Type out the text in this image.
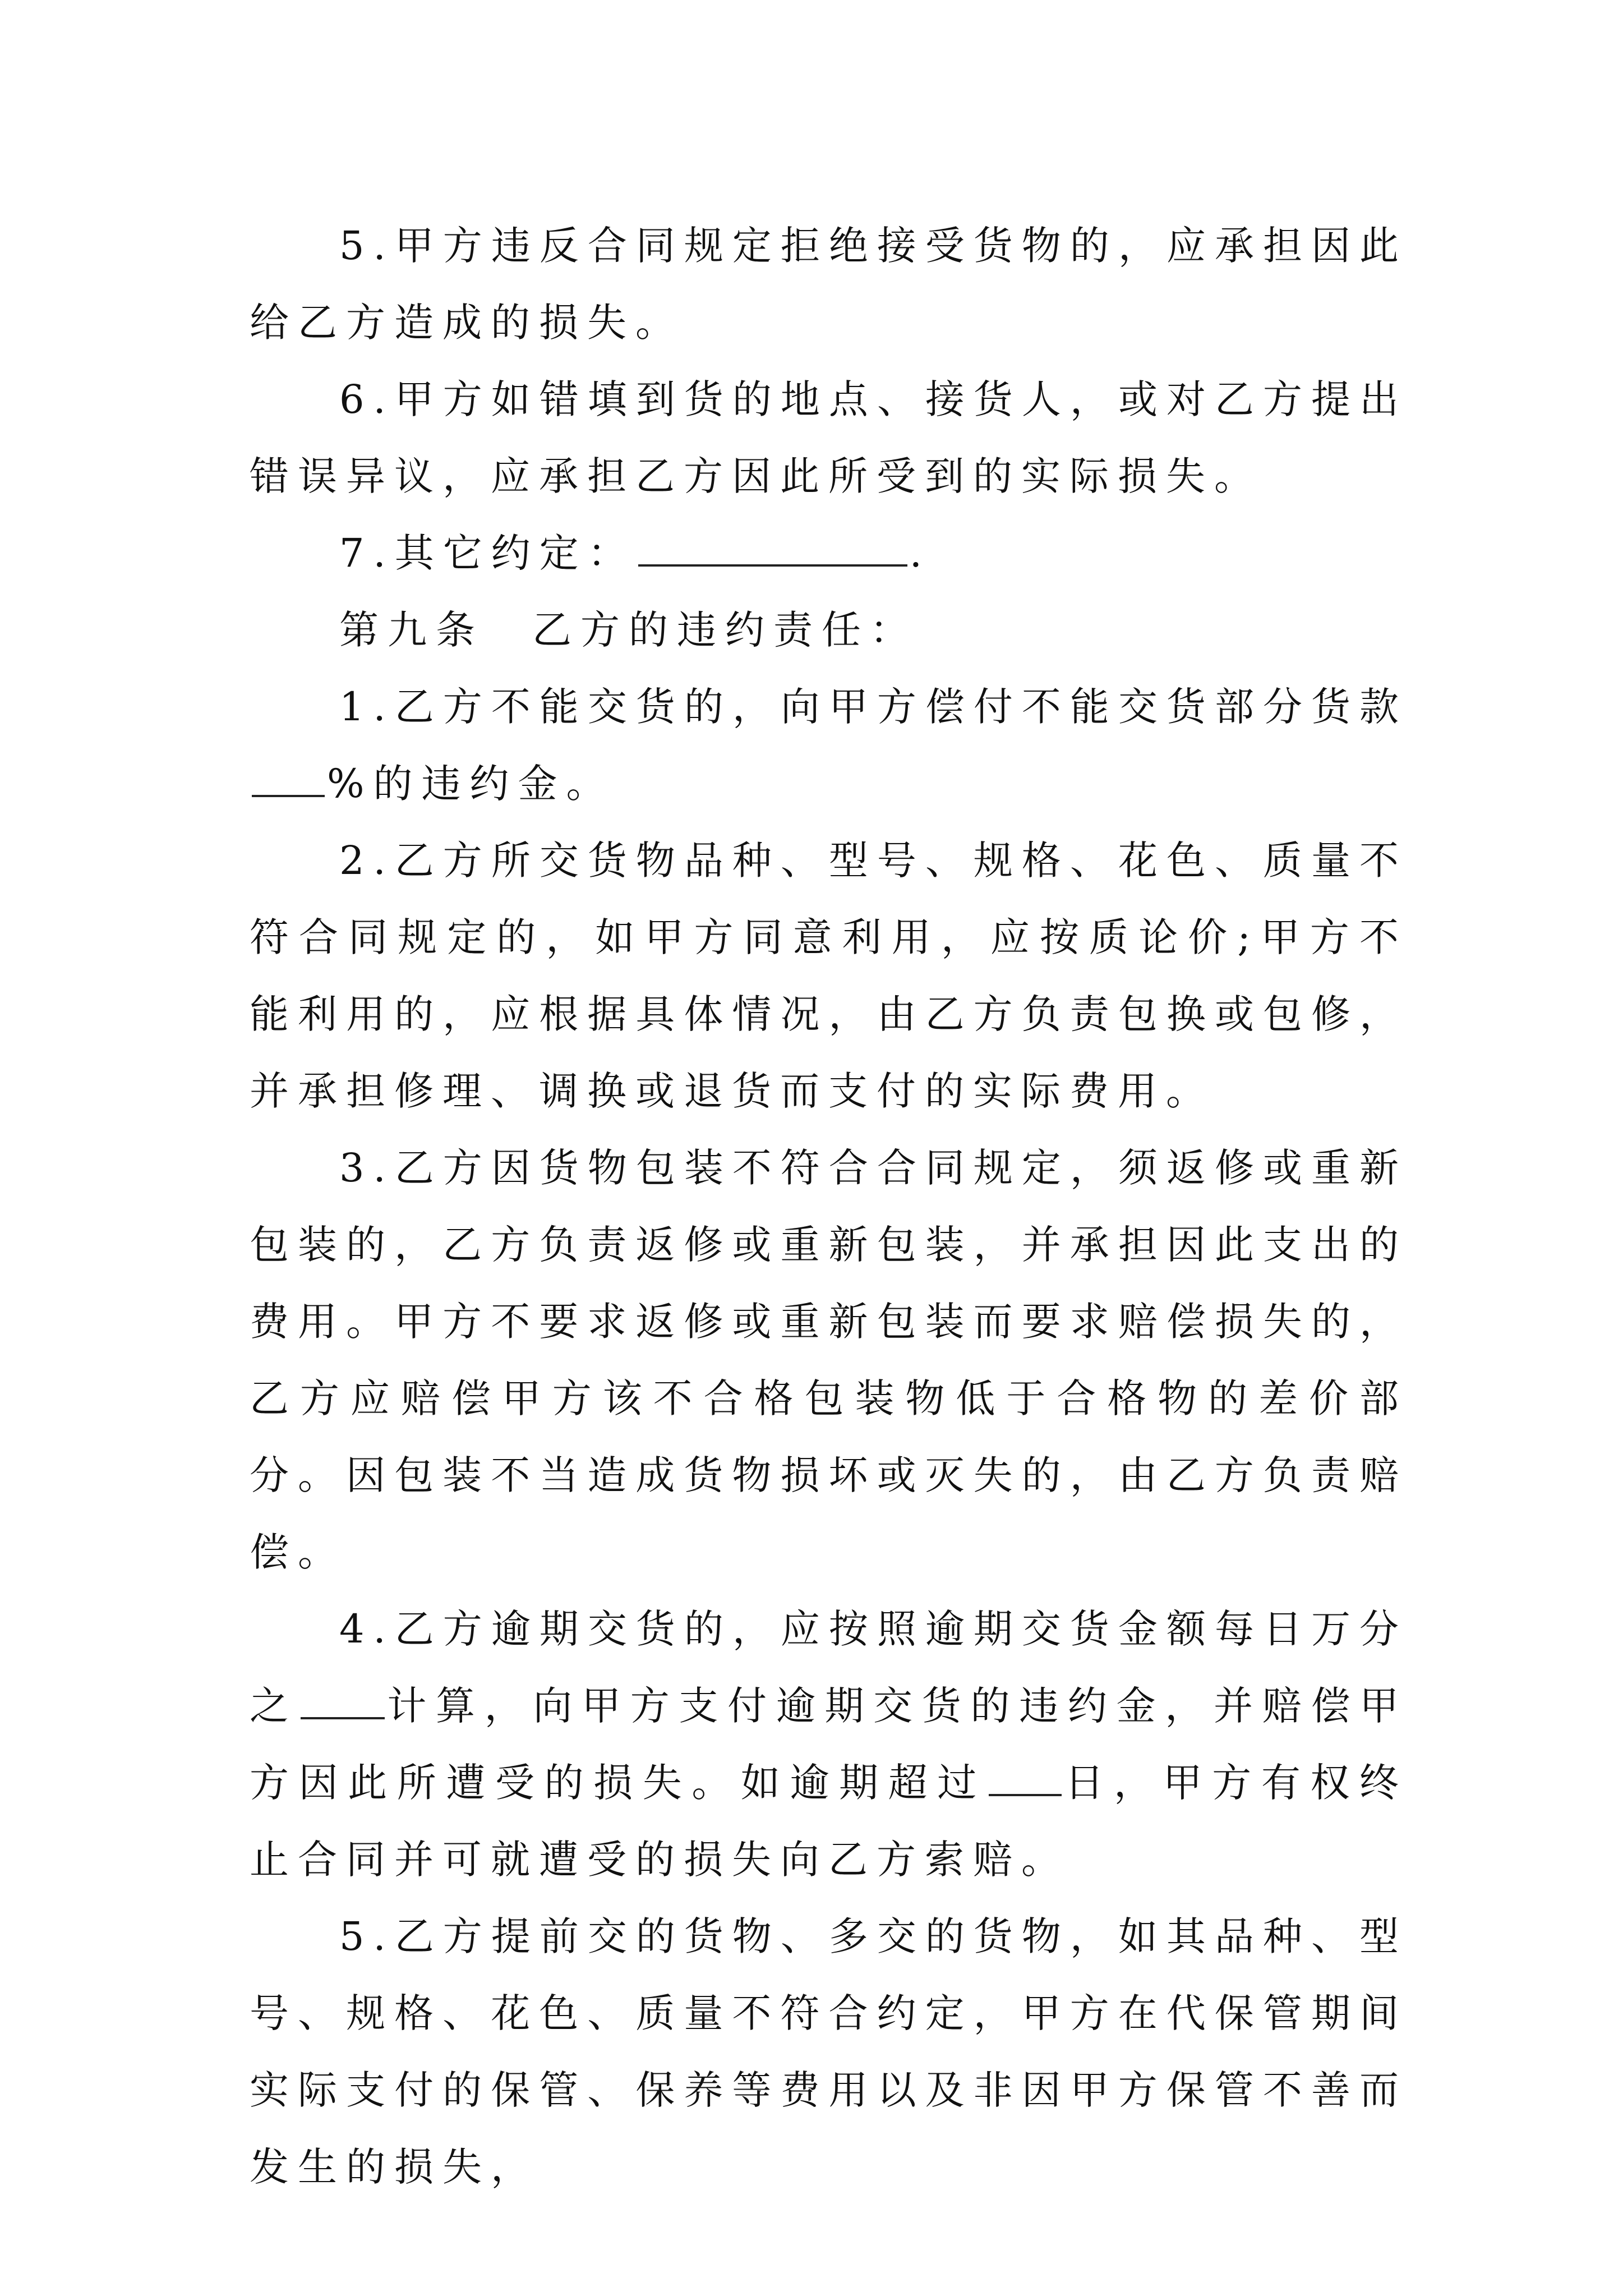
5.甲方违反合同规定拒绝接受货物的，应承担因此给乙方造成的损失。

6.甲方如错填到货的地点、接货人，或对乙方提出错误异议，应承担乙方因此所受到的实际损失。

7.其它约定：	.

第九条　乙方的违约责任：

1.乙方不能交货的，向甲方偿付不能交货部分货款%的违约金。

2.乙方所交货物品种、型号、规格、花色、质量不符合同规定的，如甲方同意利用，应按质论价;甲方不能利用的，应根据具体情况，由乙方负责包换或包修，并承担修理、调换或退货而支付的实际费用。

3.乙方因货物包装不符合合同规定，须返修或重新包装的，乙方负责返修或重新包装，并承担因此支出的费用。甲方不要求返修或重新包装而要求赔偿损失的，乙方应赔偿甲方该不合格包装物低于合格物的差价部分。因包装不当造成货物损坏或灭失的，由乙方负责赔偿。

4.乙方逾期交货的，应按照逾期交货金额每日万分之 计算，向甲方支付逾期交货的违约金，并赔偿甲方因此所遭受的损失。如逾期超过 日，甲方有权终止合同并可就遭受的损失向乙方索赔。

5.乙方提前交的货物、多交的货物，如其品种、型号、规格、花色、质量不符合约定，甲方在代保管期间实际支付的保管、保养等费用以及非因甲方保管不善而发生的损失，
